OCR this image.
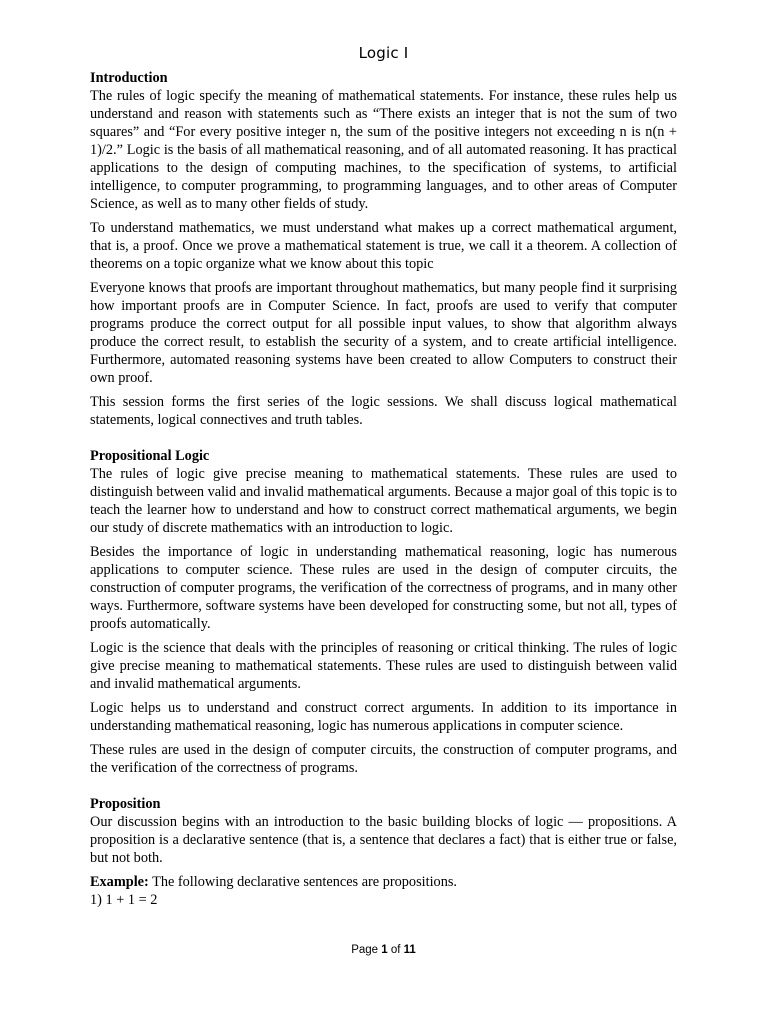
Logic I

Introduction

The rules of logic specify the meaning of mathematical statements. For instance, these rules help us understand and reason with statements such as “There exists an integer that is not the sum of two squares” and “For every positive integer n, the sum of the positive integers not exceeding n is n(n + 1)/2.” Logic is the basis of all mathematical reasoning, and of all automated reasoning. It has practical applications to the design of computing machines, to the specification of systems, to artificial intelligence, to computer programming, to programming languages, and to other areas of Computer Science, as well as to many other fields of study.

To understand mathematics, we must understand what makes up a correct mathematical argument, that is, a proof. Once we prove a mathematical statement is true, we call it a theorem. A collection of theorems on a topic organize what we know about this topic

Everyone knows that proofs are important throughout mathematics, but many people find it surprising how important proofs are in Computer Science. In fact, proofs are used to verify that computer programs produce the correct output for all possible input values, to show that algorithm always produce the correct result, to establish the security of a system, and to create artificial intelligence. Furthermore, automated reasoning systems have been created to allow Computers to construct their own proof.

This session forms the first series of the logic sessions. We shall discuss logical mathematical statements, logical connectives and truth tables.

Propositional Logic

The rules of logic give precise meaning to mathematical statements. These rules are used to distinguish between valid and invalid mathematical arguments. Because a major goal of this topic is to teach the learner how to understand and how to construct correct mathematical arguments, we begin our study of discrete mathematics with an introduction to logic.

Besides the importance of logic in understanding mathematical reasoning, logic has numerous applications to computer science. These rules are used in the design of computer circuits, the construction of computer programs, the verification of the correctness of programs, and in many other ways. Furthermore, software systems have been developed for constructing some, but not all, types of proofs automatically.

Logic is the science that deals with the principles of reasoning or critical thinking. The rules of logic give precise meaning to mathematical statements. These rules are used to distinguish between valid and invalid mathematical arguments.

Logic helps us to understand and construct correct arguments. In addition to its importance in understanding mathematical reasoning, logic has numerous applications in computer science.

These rules are used in the design of computer circuits, the construction of computer programs, and the verification of the correctness of programs.

Proposition

Our discussion begins with an introduction to the basic building blocks of logic — propositions. A proposition is a declarative sentence (that is, a sentence that declares a fact) that is either true or false, but not both.

Example: The following declarative sentences are propositions.

1) 1 + 1 = 2

Page 1 of 11
